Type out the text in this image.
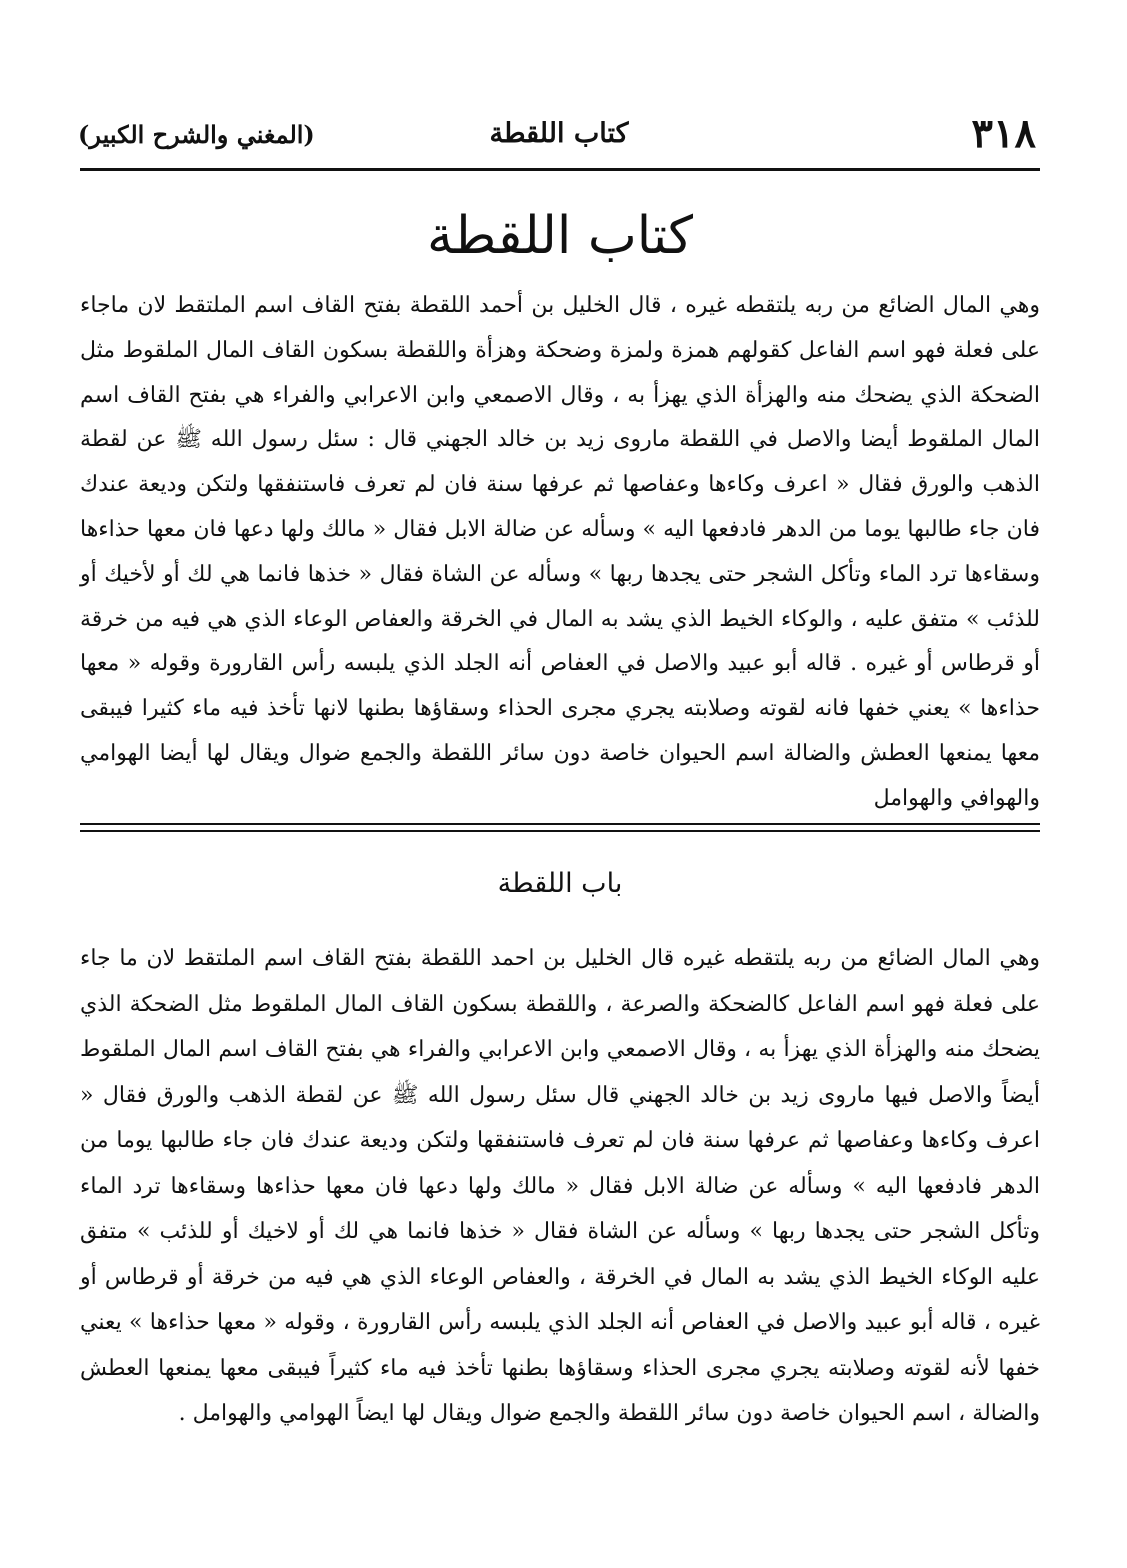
٣١٨
كتاب اللقطة
(المغني والشرح الكبير)
كتاب اللقطة

وهي المال الضائع من ربه يلتقطه غيره ، قال الخليل بن أحمد اللقطة بفتح القاف اسم الملتقط لان ماجاء على فعلة فهو اسم الفاعل كقولهم همزة ولمزة وضحكة وهزأة واللقطة بسكون القاف المال الملقوط مثل الضحكة الذي يضحك منه والهزأة الذي يهزأ به ، وقال الاصمعي وابن الاعرابي والفراء هي بفتح القاف اسم المال الملقوط أيضا والاصل في اللقطة ماروى زيد بن خالد الجهني قال : سئل رسول الله ﷺ عن لقطة الذهب والورق فقال « اعرف وكاءها وعفاصها ثم عرفها سنة فان لم تعرف فاستنفقها ولتكن وديعة عندك فان جاء طالبها يوما من الدهر فادفعها اليه » وسأله عن ضالة الابل فقال « مالك ولها دعها فان معها حذاءها وسقاءها ترد الماء وتأكل الشجر حتى يجدها ربها » وسأله عن الشاة فقال « خذها فانما هي لك أو لأخيك أو للذئب » متفق عليه ، والوكاء الخيط الذي يشد به المال في الخرقة والعفاص الوعاء الذي هي فيه من خرقة أو قرطاس أو غيره . قاله أبو عبيد والاصل في العفاص أنه الجلد الذي يلبسه رأس القارورة وقوله « معها حذاءها » يعني خفها فانه لقوته وصلابته يجري مجرى الحذاء وسقاؤها بطنها لانها تأخذ فيه ماء كثيرا فيبقى معها يمنعها العطش والضالة اسم الحيوان خاصة دون سائر اللقطة والجمع ضوال ويقال لها أيضا الهوامي والهوافي والهوامل

باب اللقطة

وهي المال الضائع من ربه يلتقطه غيره قال الخليل بن احمد اللقطة بفتح القاف اسم الملتقط لان ما جاء على فعلة فهو اسم الفاعل كالضحكة والصرعة ، واللقطة بسكون القاف المال الملقوط مثل الضحكة الذي يضحك منه والهزأة الذي يهزأ به ، وقال الاصمعي وابن الاعرابي والفراء هي بفتح القاف اسم المال الملقوط أيضاً والاصل فيها ماروى زيد بن خالد الجهني قال سئل رسول الله ﷺ عن لقطة الذهب والورق فقال « اعرف وكاءها وعفاصها ثم عرفها سنة فان لم تعرف فاستنفقها ولتكن وديعة عندك فان جاء طالبها يوما من الدهر فادفعها اليه » وسأله عن ضالة الابل فقال « مالك ولها دعها فان معها حذاءها وسقاءها ترد الماء وتأكل الشجر حتى يجدها ربها » وسأله عن الشاة فقال « خذها فانما هي لك أو لاخيك أو للذئب » متفق عليه الوكاء الخيط الذي يشد به المال في الخرقة ، والعفاص الوعاء الذي هي فيه من خرقة أو قرطاس أو غيره ، قاله أبو عبيد والاصل في العفاص أنه الجلد الذي يلبسه رأس القارورة ، وقوله « معها حذاءها » يعني خفها لأنه لقوته وصلابته يجري مجرى الحذاء وسقاؤها بطنها تأخذ فيه ماء كثيراً فيبقى معها يمنعها العطش والضالة ، اسم الحيوان خاصة دون سائر اللقطة والجمع ضوال ويقال لها ايضاً الهوامي والهوامل .
